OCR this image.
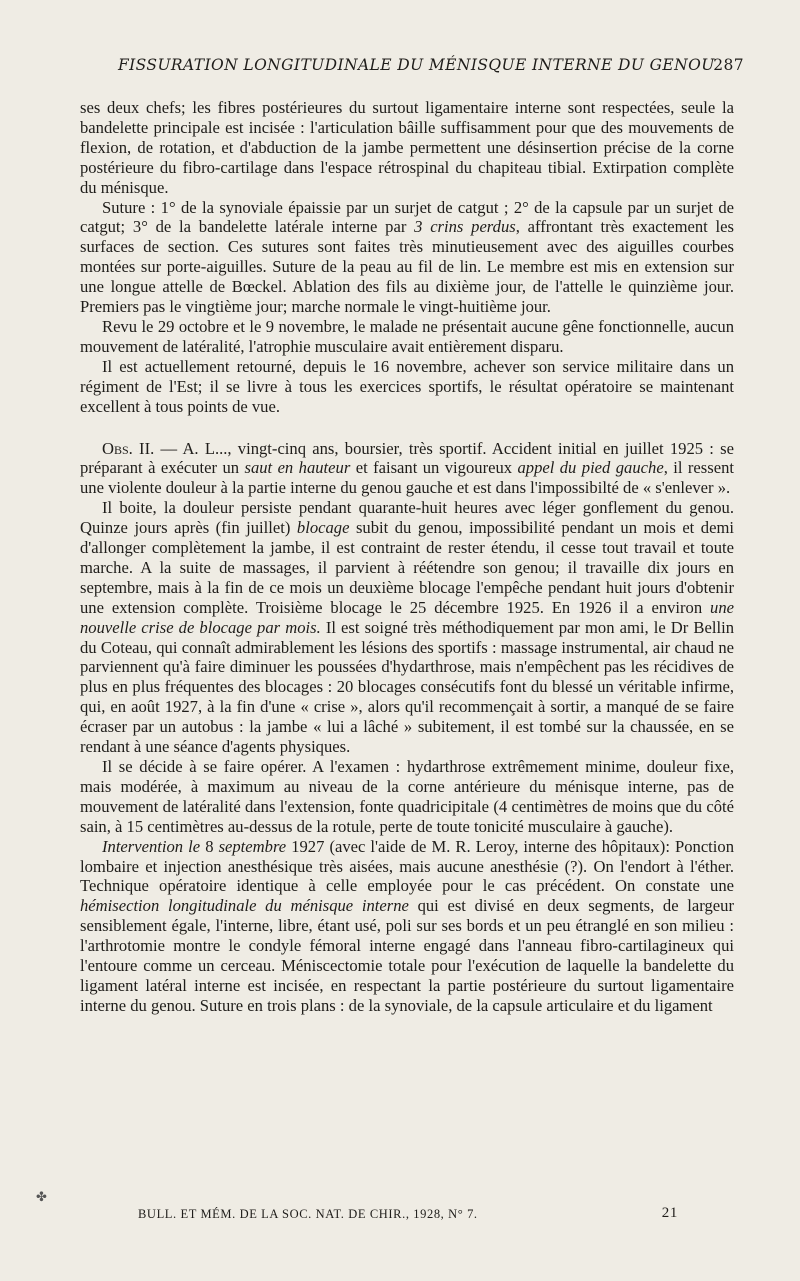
FISSURATION LONGITUDINALE DU MÉNISQUE INTERNE DU GENOU
287

ses deux chefs; les fibres postérieures du surtout ligamentaire interne sont respectées, seule la bandelette principale est incisée : l'articulation bâille suffisamment pour que des mouvements de flexion, de rotation, et d'abduction de la jambe permettent une désinsertion précise de la corne postérieure du fibro-cartilage dans l'espace rétrospinal du chapiteau tibial. Extirpation complète du ménisque.

Suture : 1° de la synoviale épaissie par un surjet de catgut ; 2° de la capsule par un surjet de catgut; 3° de la bandelette latérale interne par 3 crins perdus, affrontant très exactement les surfaces de section. Ces sutures sont faites très minutieusement avec des aiguilles courbes montées sur porte-aiguilles. Suture de la peau au fil de lin. Le membre est mis en extension sur une longue attelle de Bœckel. Ablation des fils au dixième jour, de l'attelle le quinzième jour. Premiers pas le vingtième jour; marche normale le vingt-huitième jour.

Revu le 29 octobre et le 9 novembre, le malade ne présentait aucune gêne fonctionnelle, aucun mouvement de latéralité, l'atrophie musculaire avait entièrement disparu.

Il est actuellement retourné, depuis le 16 novembre, achever son service militaire dans un régiment de l'Est; il se livre à tous les exercices sportifs, le résultat opératoire se maintenant excellent à tous points de vue.

Obs. II. — A. L..., vingt-cinq ans, boursier, très sportif. Accident initial en juillet 1925 : se préparant à exécuter un saut en hauteur et faisant un vigoureux appel du pied gauche, il ressent une violente douleur à la partie interne du genou gauche et est dans l'impossibilté de « s'enlever ».

Il boite, la douleur persiste pendant quarante-huit heures avec léger gonflement du genou. Quinze jours après (fin juillet) blocage subit du genou, impossibilité pendant un mois et demi d'allonger complètement la jambe, il est contraint de rester étendu, il cesse tout travail et toute marche. A la suite de massages, il parvient à réétendre son genou; il travaille dix jours en septembre, mais à la fin de ce mois un deuxième blocage l'empêche pendant huit jours d'obtenir une extension complète. Troisième blocage le 25 décembre 1925. En 1926 il a environ une nouvelle crise de blocage par mois. Il est soigné très méthodiquement par mon ami, le Dr Bellin du Coteau, qui connaît admirablement les lésions des sportifs : massage instrumental, air chaud ne parviennent qu'à faire diminuer les poussées d'hydarthrose, mais n'empêchent pas les récidives de plus en plus fréquentes des blocages : 20 blocages consécutifs font du blessé un véritable infirme, qui, en août 1927, à la fin d'une « crise », alors qu'il recommençait à sortir, a manqué de se faire écraser par un autobus : la jambe « lui a lâché » subitement, il est tombé sur la chaussée, en se rendant à une séance d'agents physiques.

Il se décide à se faire opérer. A l'examen : hydarthrose extrêmement minime, douleur fixe, mais modérée, à maximum au niveau de la corne antérieure du ménisque interne, pas de mouvement de latéralité dans l'extension, fonte quadricipitale (4 centimètres de moins que du côté sain, à 15 centimètres au-dessus de la rotule, perte de toute tonicité musculaire à gauche).

Intervention le 8 septembre 1927 (avec l'aide de M. R. Leroy, interne des hôpitaux): Ponction lombaire et injection anesthésique très aisées, mais aucune anesthésie (?). On l'endort à l'éther. Technique opératoire identique à celle employée pour le cas précédent. On constate une hémisection longitudinale du ménisque interne qui est divisé en deux segments, de largeur sensiblement égale, l'interne, libre, étant usé, poli sur ses bords et un peu étranglé en son milieu : l'arthrotomie montre le condyle fémoral interne engagé dans l'anneau fibro-cartilagineux qui l'entoure comme un cerceau. Méniscectomie totale pour l'exécution de laquelle la bandelette du ligament latéral interne est incisée, en respectant la partie postérieure du surtout ligamentaire interne du genou. Suture en trois plans : de la synoviale, de la capsule articulaire et du ligament

✤
BULL. ET MÉM. DE LA SOC. NAT. DE CHIR., 1928, N° 7.	21
